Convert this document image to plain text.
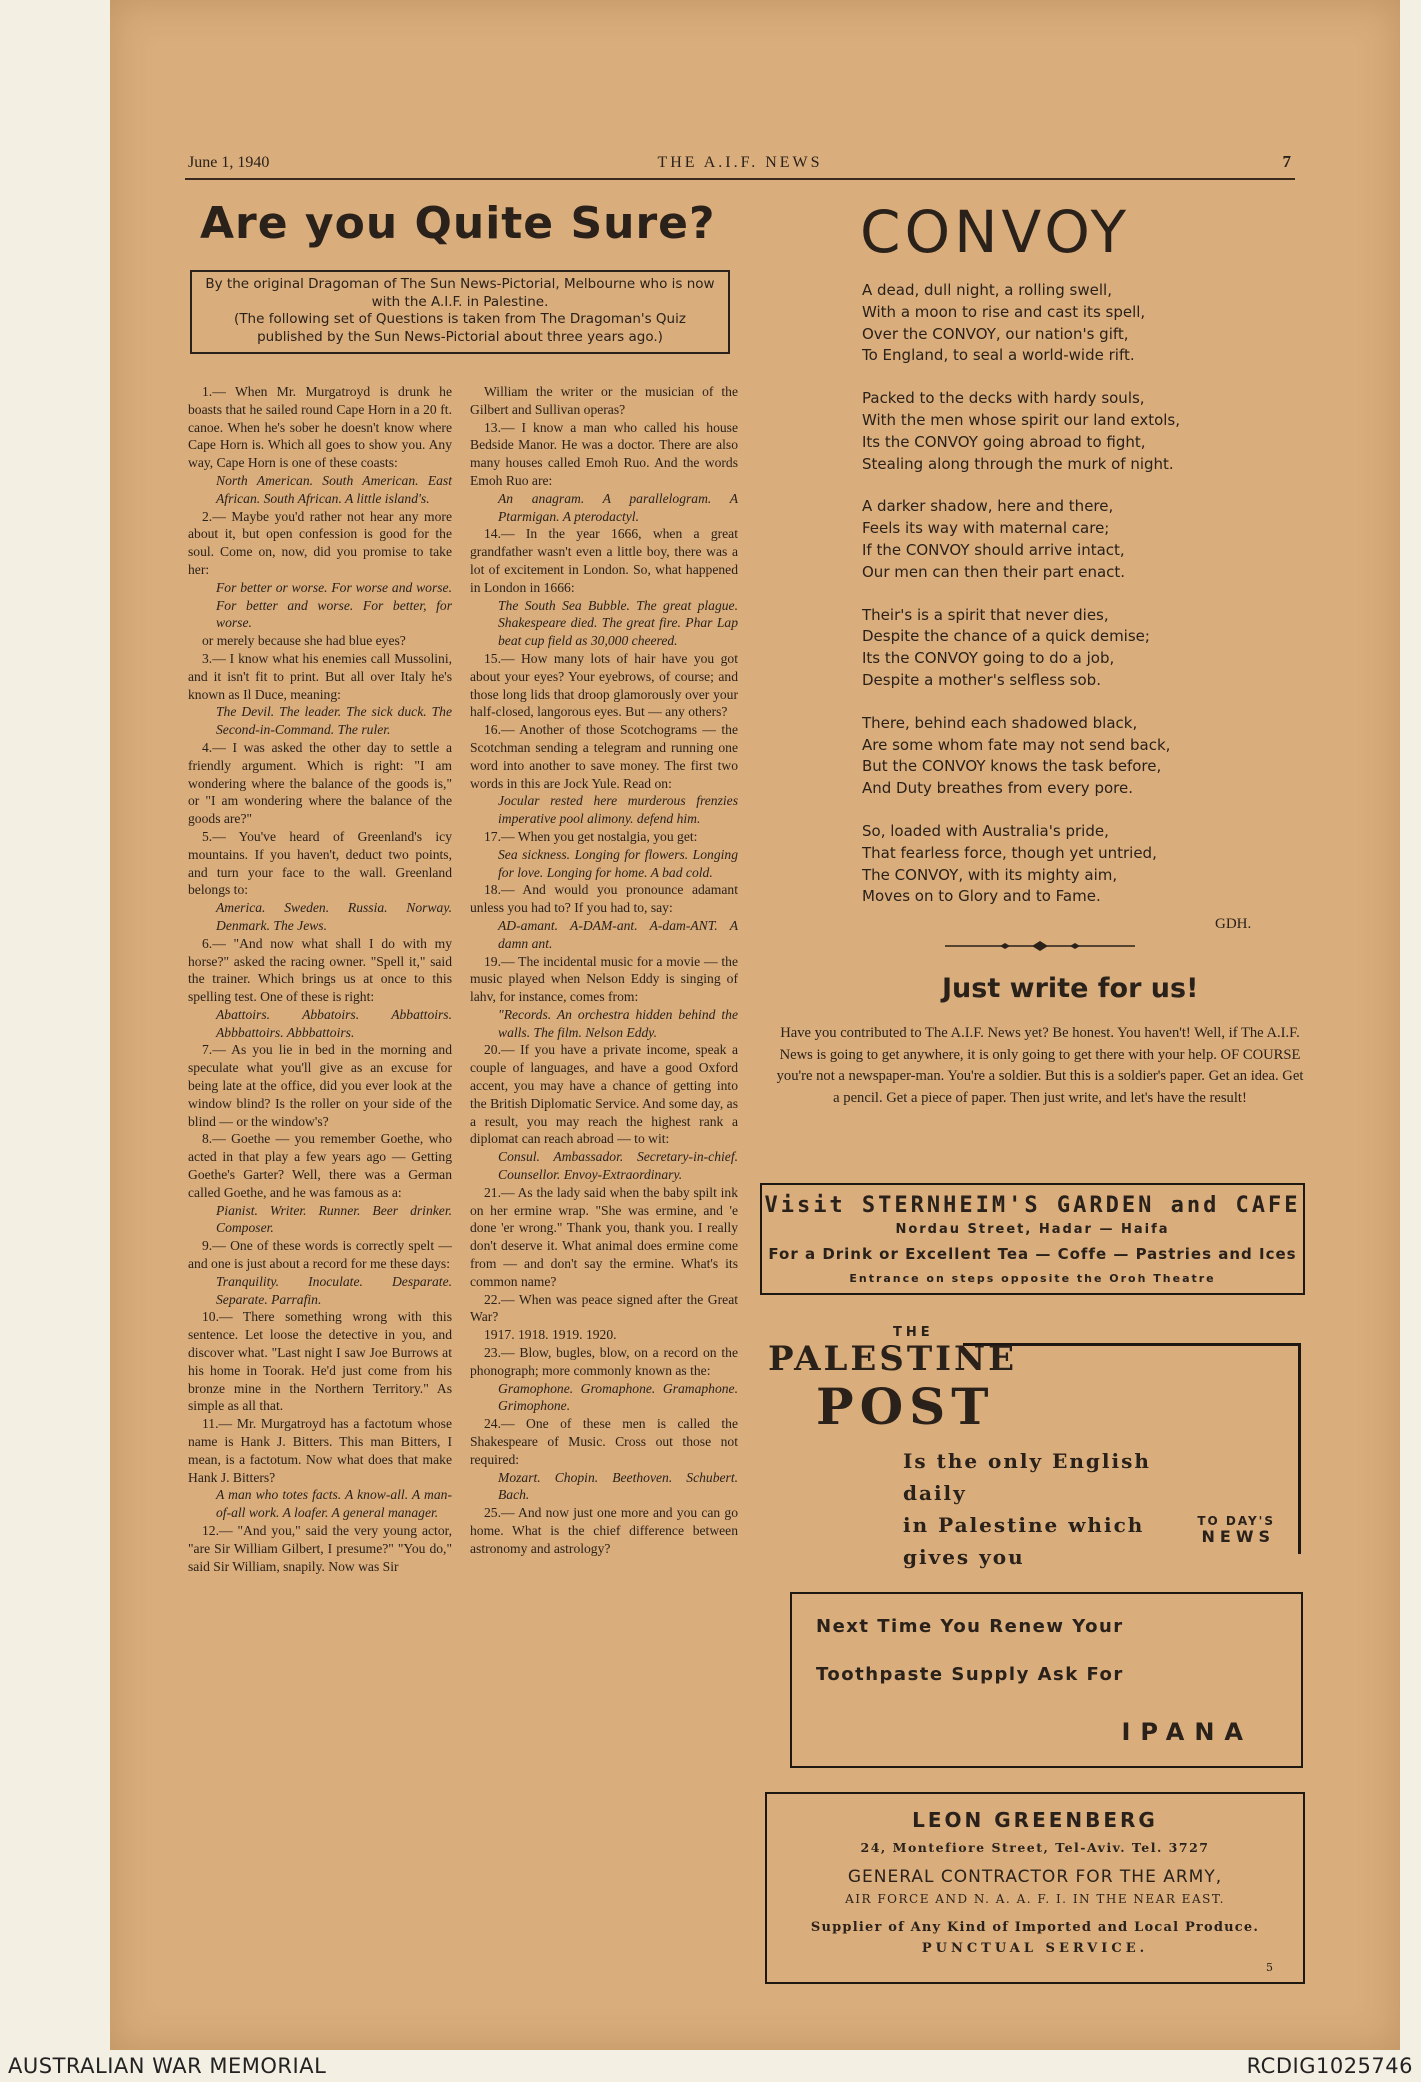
June 1, 1940	THE A.I.F. NEWS	7
Are you Quite Sure?

By the original Dragoman of The Sun News-Pictorial, Melbourne who is now with the A.I.F. in Palestine.

(The following set of Questions is taken from The Dragoman's Quiz published by the Sun News-Pictorial about three years ago.)

1.— When Mr. Murgatroyd is drunk he boasts that he sailed round Cape Horn in a 20 ft. canoe. When he's sober he doesn't know where Cape Horn is. Which all goes to show you. Any way, Cape Horn is one of these coasts:

North American. South American. East African. South African. A little island's.

2.— Maybe you'd rather not hear any more about it, but open confession is good for the soul. Come on, now, did you promise to take her:

For better or worse. For worse and worse. For better and worse. For better, for worse.

or merely because she had blue eyes?

3.— I know what his enemies call Mussolini, and it isn't fit to print. But all over Italy he's known as Il Duce, meaning:

The Devil. The leader. The sick duck. The Second-in-Command. The ruler.

4.— I was asked the other day to settle a friendly argument. Which is right: "I am wondering where the balance of the goods is," or "I am wondering where the balance of the goods are?"

5.— You've heard of Greenland's icy mountains. If you haven't, deduct two points, and turn your face to the wall. Greenland belongs to:

America. Sweden. Russia. Norway. Denmark. The Jews.

6.— "And now what shall I do with my horse?" asked the racing owner. "Spell it," said the trainer. Which brings us at once to this spelling test. One of these is right:

Abattoirs. Abbatoirs. Abbattoirs. Abbbattoirs. Abbbattoirs.

7.— As you lie in bed in the morning and speculate what you'll give as an excuse for being late at the office, did you ever look at the window blind? Is the roller on your side of the blind — or the window's?

8.— Goethe — you remember Goethe, who acted in that play a few years ago — Getting Goethe's Garter? Well, there was a German called Goethe, and he was famous as a:

Pianist. Writer. Runner. Beer drinker. Composer.

9.— One of these words is correctly spelt — and one is just about a record for me these days:

Tranquility. Inoculate. Desparate. Separate. Parrafin.

10.— There something wrong with this sentence. Let loose the detective in you, and discover what. "Last night I saw Joe Burrows at his home in Toorak. He'd just come from his bronze mine in the Northern Territory." As simple as all that.

11.— Mr. Murgatroyd has a factotum whose name is Hank J. Bitters. This man Bitters, I mean, is a factotum. Now what does that make Hank J. Bitters?

A man who totes facts. A know-all. A man-of-all work. A loafer. A general manager.

12.— "And you," said the very young actor, "are Sir William Gilbert, I presume?" "You do," said Sir William, snapily. Now was Sir

William the writer or the musician of the Gilbert and Sullivan operas?

13.— I know a man who called his house Bedside Manor. He was a doctor. There are also many houses called Emoh Ruo. And the words Emoh Ruo are:

An anagram. A parallelogram. A Ptarmigan. A pterodactyl.

14.— In the year 1666, when a great grandfather wasn't even a little boy, there was a lot of excitement in London. So, what happened in London in 1666:

The South Sea Bubble. The great plague. Shakespeare died. The great fire. Phar Lap beat cup field as 30,000 cheered.

15.— How many lots of hair have you got about your eyes? Your eyebrows, of course; and those long lids that droop glamorously over your half-closed, langorous eyes. But — any others?

16.— Another of those Scotchograms — the Scotchman sending a telegram and running one word into another to save money. The first two words in this are Jock Yule. Read on:

Jocular rested here murderous frenzies imperative pool alimony. defend him.

17.— When you get nostalgia, you get:

Sea sickness. Longing for flowers. Longing for love. Longing for home. A bad cold.

18.— And would you pronounce adamant unless you had to? If you had to, say:

AD-amant. A-DAM-ant. A-dam-ANT. A damn ant.

19.— The incidental music for a movie — the music played when Nelson Eddy is singing of lahv, for instance, comes from:

"Records. An orchestra hidden behind the walls. The film. Nelson Eddy.

20.— If you have a private income, speak a couple of languages, and have a good Oxford accent, you may have a chance of getting into the British Diplomatic Service. And some day, as a result, you may reach the highest rank a diplomat can reach abroad — to wit:

Consul. Ambassador. Secretary-in-chief. Counsellor. Envoy-Extraordinary.

21.— As the lady said when the baby spilt ink on her ermine wrap. "She was ermine, and 'e done 'er wrong." Thank you, thank you. I really don't deserve it. What animal does ermine come from — and don't say the ermine. What's its common name?

22.— When was peace signed after the Great War?

1917. 1918. 1919. 1920.

23.— Blow, bugles, blow, on a record on the phonograph; more commonly known as the:

Gramophone. Gromaphone. Gramaphone. Grimophone.

24.— One of these men is called the Shakespeare of Music. Cross out those not required:

Mozart. Chopin. Beethoven. Schubert. Bach.

25.— And now just one more and you can go home. What is the chief difference between astronomy and astrology?

CONVOY
A dead, dull night, a rolling swell,
With a moon to rise and cast its spell,
Over the CONVOY, our nation's gift,
To England, to seal a world-wide rift.
Packed to the decks with hardy souls,
With the men whose spirit our land extols,
Its the CONVOY going abroad to fight,
Stealing along through the murk of night.
A darker shadow, here and there,
Feels its way with maternal care;
If the CONVOY should arrive intact,
Our men can then their part enact.
Their's is a spirit that never dies,
Despite the chance of a quick demise;
Its the CONVOY going to do a job,
Despite a mother's selfless sob.
There, behind each shadowed black,
Are some whom fate may not send back,
But the CONVOY knows the task before,
And Duty breathes from every pore.
So, loaded with Australia's pride,
That fearless force, though yet untried,
The CONVOY, with its mighty aim,
Moves on to Glory and to Fame.
GDH.
Just write for us!
Have you contributed to The A.I.F. News yet? Be honest. You haven't! Well, if The A.I.F. News is going to get anywhere, it is only going to get there with your help. OF COURSE you're not a newspaper-man. You're a soldier. But this is a soldier's paper. Get an idea. Get a pencil. Get a piece of paper. Then just write, and let's have the result!
Visit STERNHEIM'S GARDEN and CAFE
Nordau Street, Hadar — Haifa
For a Drink or Excellent Tea — Coffe — Pastries and Ices
Entrance on steps opposite the Oroh Theatre
THE
PALESTINE
POST
Is the only English daily
in Palestine which gives you
TO DAY'S
NEWS
Next Time You Renew Your
Toothpaste Supply Ask For
IPANA
LEON GREENBERG
24, Montefiore Street, Tel-Aviv. Tel. 3727
GENERAL CONTRACTOR FOR THE ARMY,
AIR FORCE AND N. A. A. F. I. IN THE NEAR EAST.
Supplier of Any Kind of Imported and Local Produce.
PUNCTUAL SERVICE.
5
AUSTRALIAN WAR MEMORIAL	RCDIG1025746
